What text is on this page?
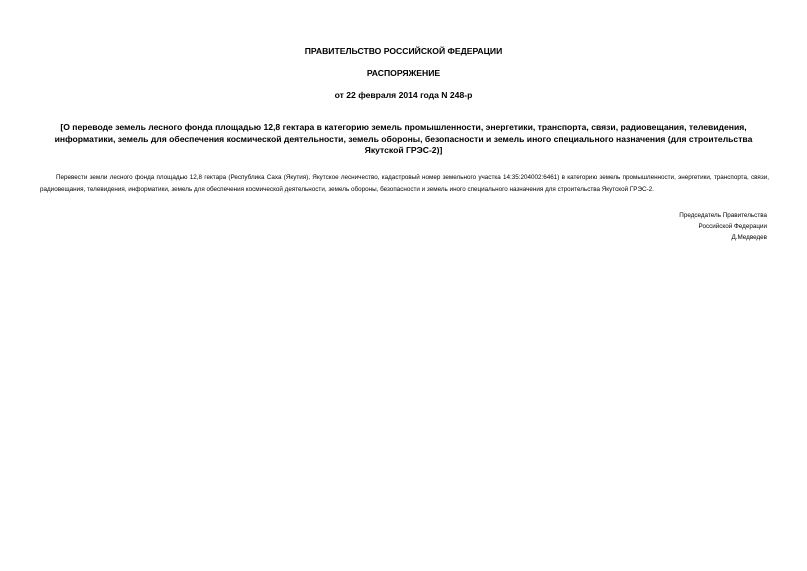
ПРАВИТЕЛЬСТВО РОССИЙСКОЙ ФЕДЕРАЦИИ
РАСПОРЯЖЕНИЕ
от 22 февраля 2014 года N 248-р
[О переводе земель лесного фонда площадью 12,8 гектара в категорию земель промышленности, энергетики, транспорта, связи, радиовещания, телевидения, информатики, земель для обеспечения космической деятельности, земель обороны, безопасности и земель иного специального назначения (для строительства Якутской ГРЭС-2)]
Перевести земли лесного фонда площадью 12,8 гектара (Республика Саха (Якутия), Якутское лесничество, кадастровый номер земельного участка 14:35:204002:6461) в категорию земель промышленности, энергетики, транспорта, связи, радиовещания, телевидения, информатики, земель для обеспечения космической деятельности, земель обороны, безопасности и земель иного специального назначения для строительства Якутской ГРЭС-2.
Председатель Правительства
Российской Федерации
Д.Медведев
